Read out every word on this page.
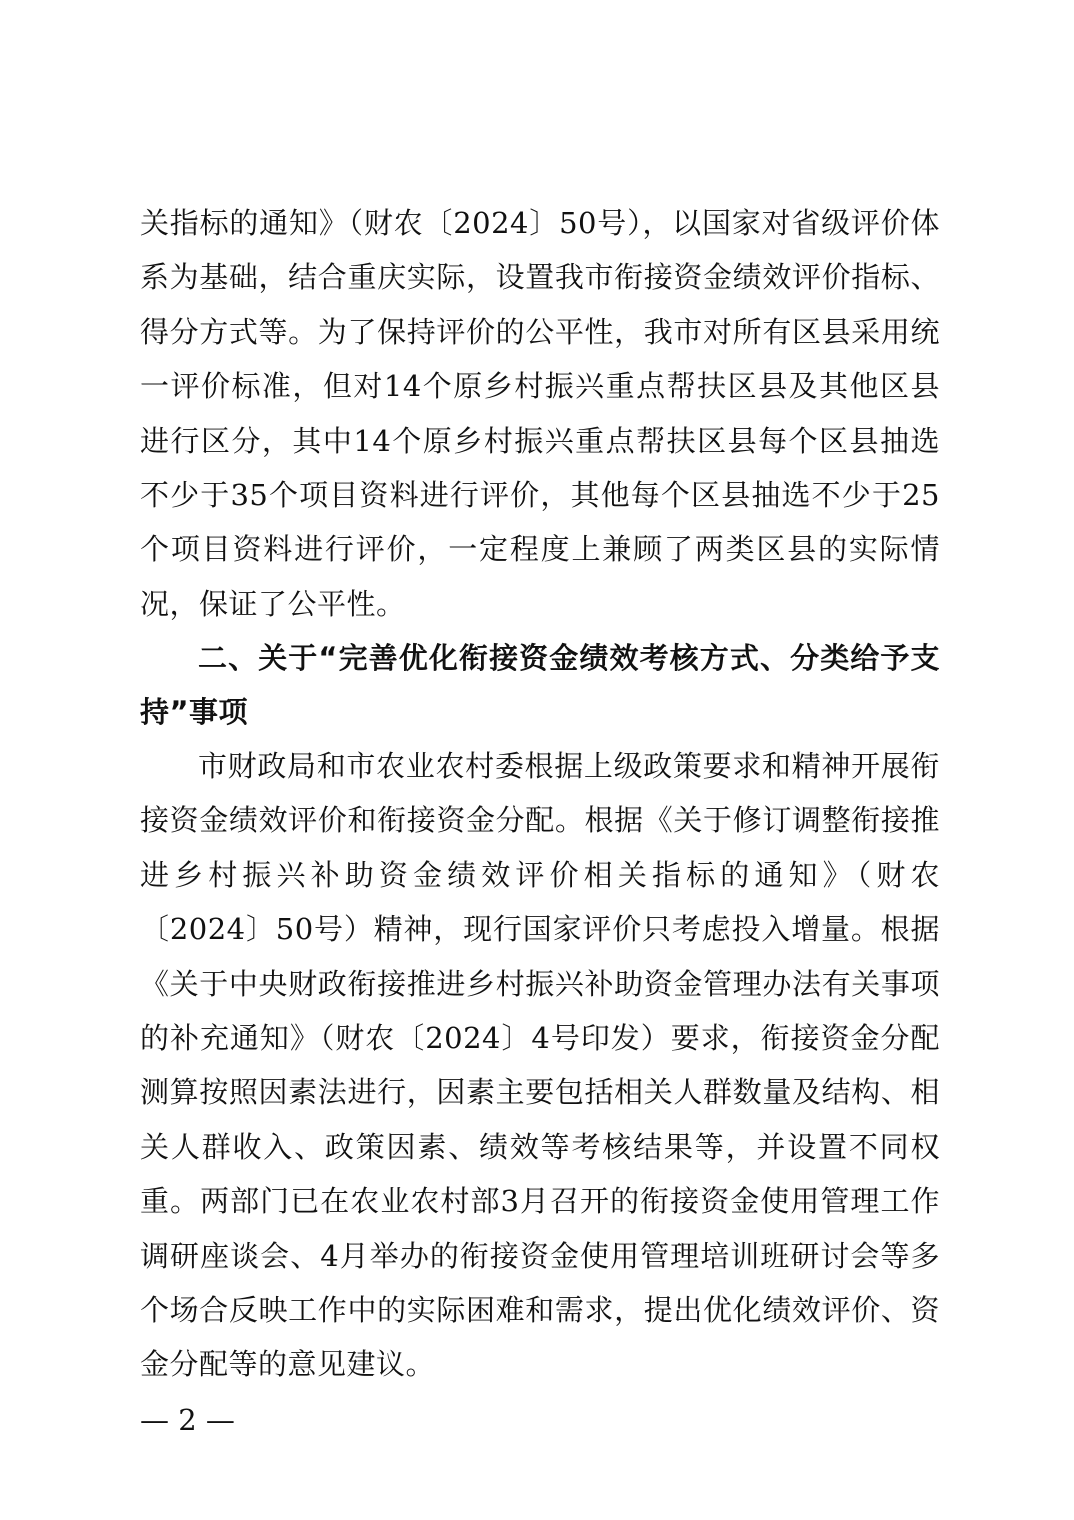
关指标的通知》（财农〔2024〕50号），以国家对省级评价体系为基础，结合重庆实际，设置我市衔接资金绩效评价指标、得分方式等。为了保持评价的公平性，我市对所有区县采用统一评价标准，但对14个原乡村振兴重点帮扶区县及其他区县进行区分，其中14个原乡村振兴重点帮扶区县每个区县抽选不少于35个项目资料进行评价，其他每个区县抽选不少于25个项目资料进行评价，一定程度上兼顾了两类区县的实际情况，保证了公平性。

二、关于“完善优化衔接资金绩效考核方式、分类给予支持”事项

市财政局和市农业农村委根据上级政策要求和精神开展衔接资金绩效评价和衔接资金分配。根据《关于修订调整衔接推进乡村振兴补助资金绩效评价相关指标的通知》（财农〔2024〕50号）精神，现行国家评价只考虑投入增量。根据《关于中央财政衔接推进乡村振兴补助资金管理办法有关事项的补充通知》（财农〔2024〕4号印发）要求，衔接资金分配测算按照因素法进行，因素主要包括相关人群数量及结构、相关人群收入、政策因素、绩效等考核结果等，并设置不同权重。两部门已在农业农村部3月召开的衔接资金使用管理工作调研座谈会、4月举办的衔接资金使用管理培训班研讨会等多个场合反映工作中的实际困难和需求，提出优化绩效评价、资金分配等的意见建议。

— 2 —
